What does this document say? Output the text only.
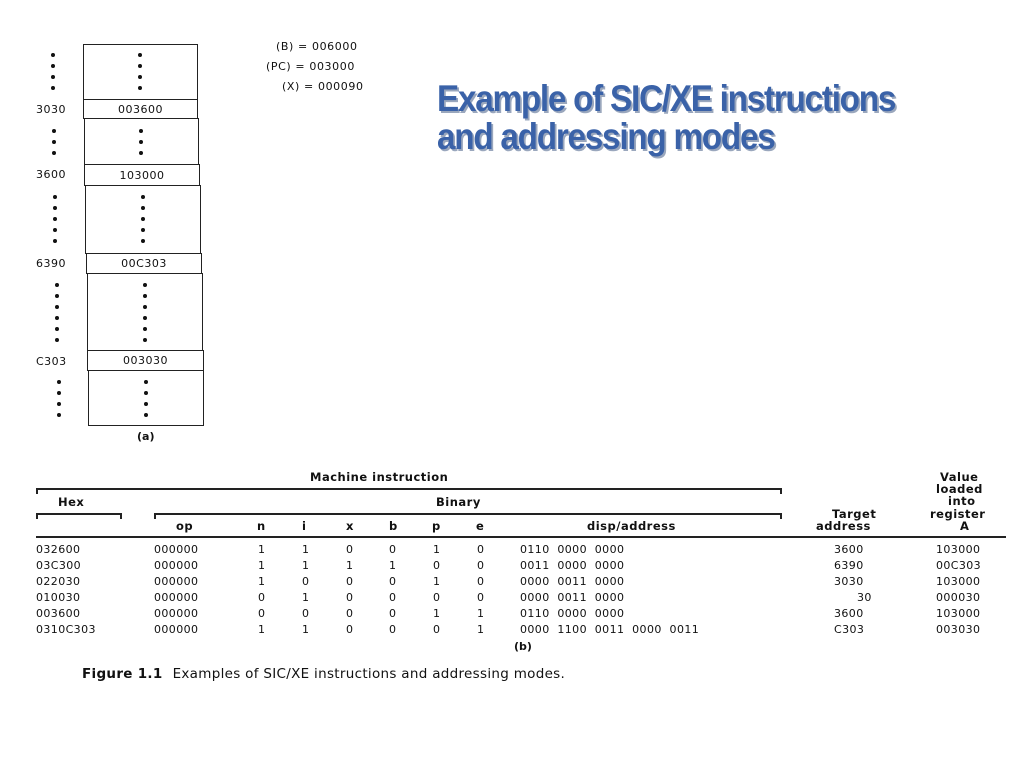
Example of SIC/XE instructions
and addressing modes
(B) = 006000
(PC) = 003000
(X) = 000090
003600
103000
00C303
003030
3030
3600
6390
C303
(a)
Machine instruction
Hex	Binary
op	n	i	x	b	p	e	disp/address
Target
address
Value
loaded
into
register
A
032600	000000	1	1	0	0	1	0	0110  0000  0000	3600	103000
03C300	000000	1	1	1	1	0	0	0011  0000  0000	6390	00C303
022030	000000	1	0	0	0	1	0	0000  0011  0000	3030	103000
010030	000000	0	1	0	0	0	0	0000  0011  0000	30	000030
003600	000000	0	0	0	0	1	1	0110  0000  0000	3600	103000
0310C303	000000	1	1	0	0	0	1	0000  1100  0011  0000  0011	C303	003030
(b)
Figure 1.1 Examples of SIC/XE instructions and addressing modes.
